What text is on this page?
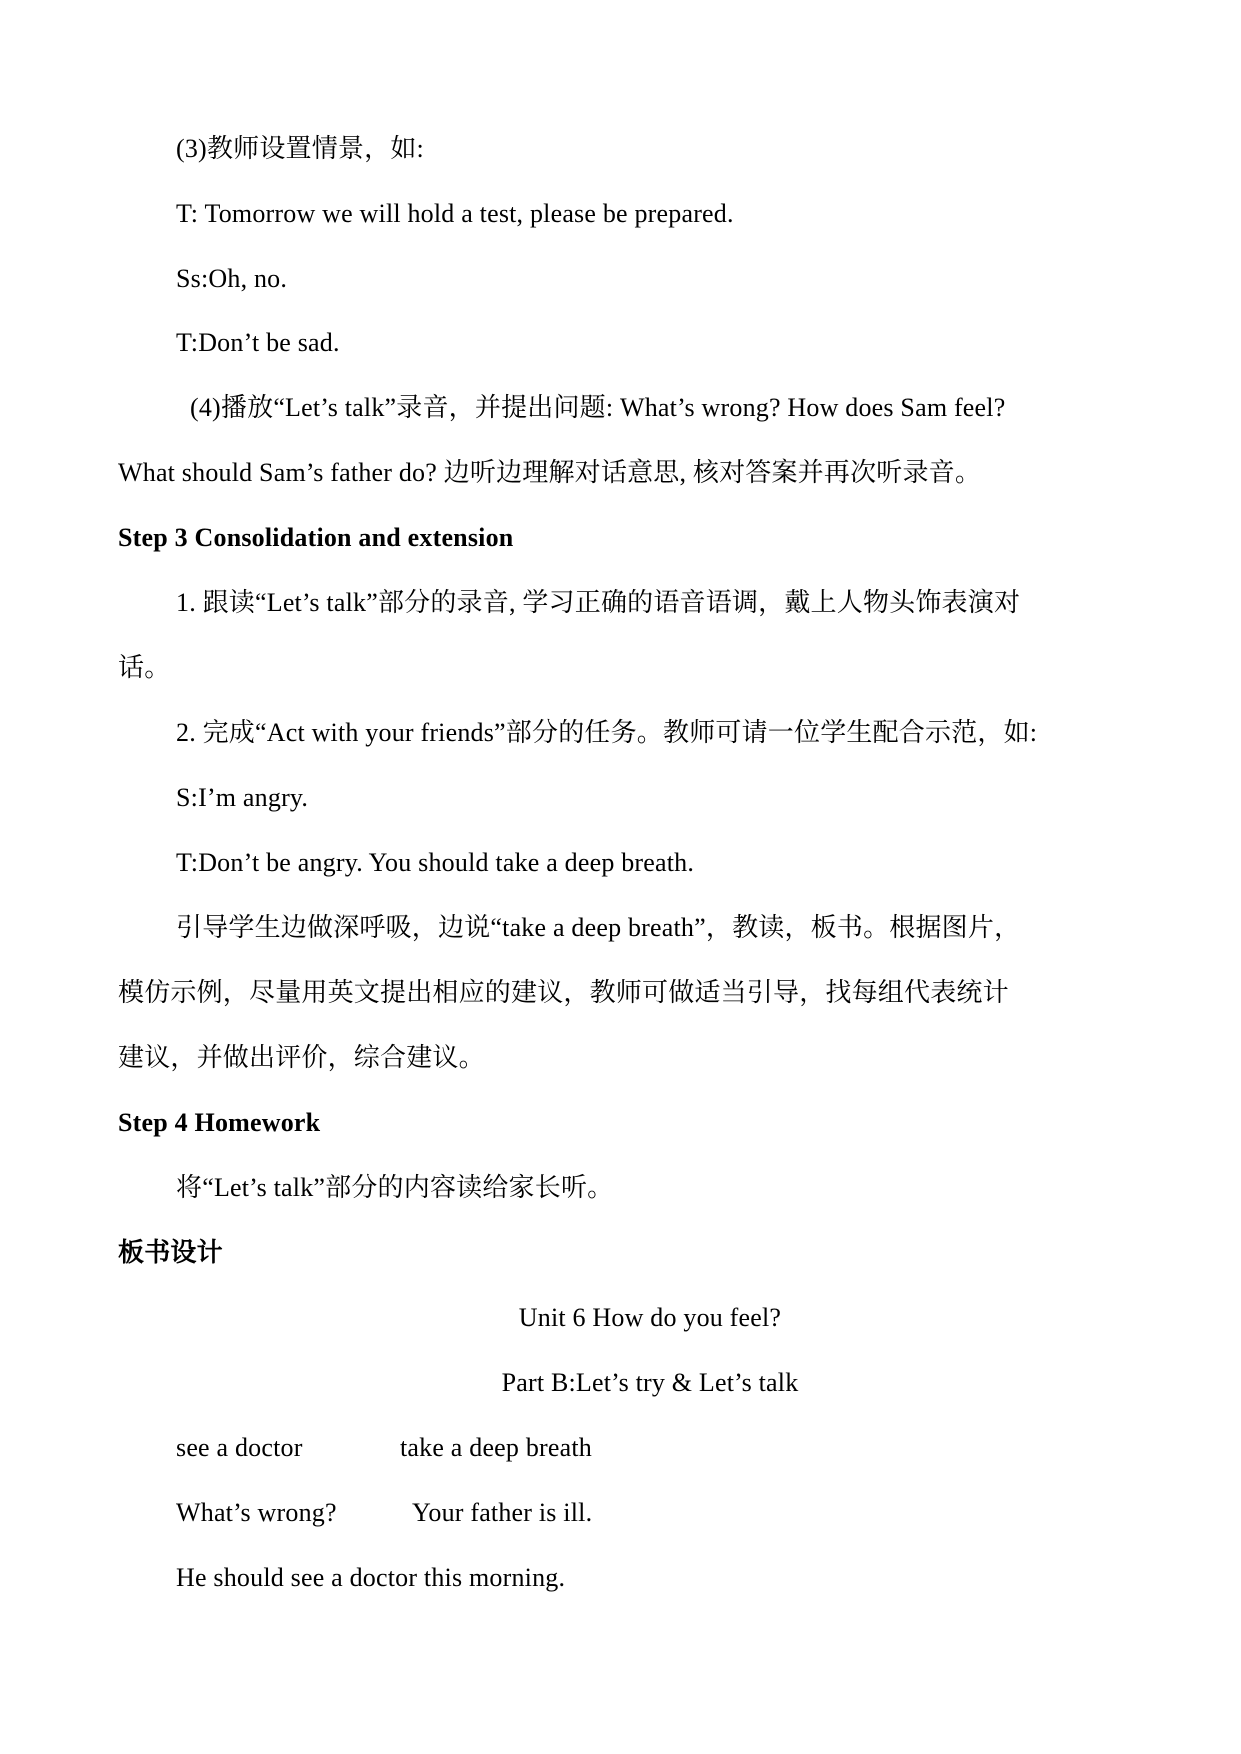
(3)教师设置情景，如:
T: Tomorrow we will hold a test, please be prepared.
Ss:Oh, no.
T:Don’t be sad.
(4)播放“Let’s talk”录音，并提出问题: What’s wrong? How does Sam feel?
What should Sam’s father do? 边听边理解对话意思, 核对答案并再次听录音。
Step 3 Consolidation and extension
1. 跟读“Let’s talk”部分的录音, 学习正确的语音语调，戴上人物头饰表演对
话。
2. 完成“Act with your friends”部分的任务。教师可请一位学生配合示范，如:
S:I’m angry.
T:Don’t be angry. You should take a deep breath.
引导学生边做深呼吸，边说“take a deep breath”，教读，板书。根据图片，
模仿示例，尽量用英文提出相应的建议，教师可做适当引导，找每组代表统计
建议，并做出评价，综合建议。
Step 4 Homework
将“Let’s talk”部分的内容读给家长听。
板书设计
Unit 6 How do you feel?
Part B:Let’s try & Let’s talk
see a doctor	take a deep breath
What’s wrong?	Your father is ill.
He should see a doctor this morning.
